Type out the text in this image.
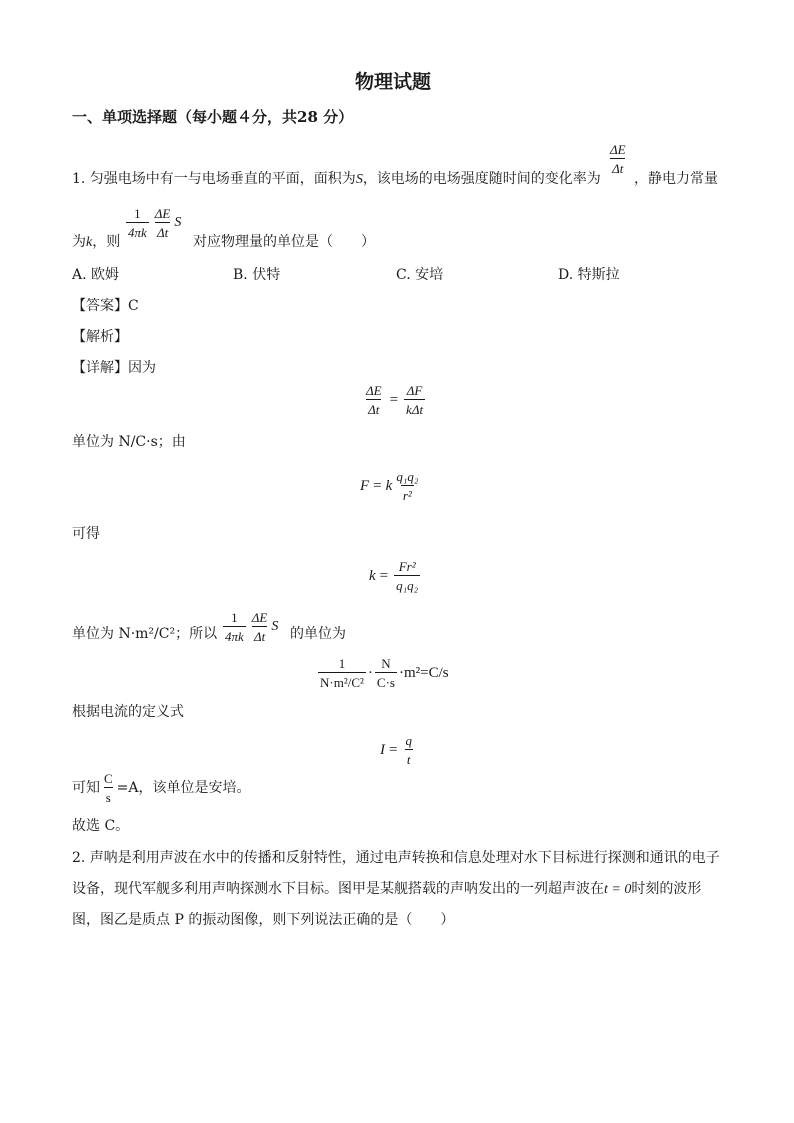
物理试题
一、单项选择题（每小题４分，共28 分）
1. 匀强电场中有一与电场垂直的平面，面积为S，该电场的电场强度随时间的变化率为
$\frac{\Delta E}{\Delta t}$
，静电力常量
为k，则
$\frac{1}{4\pi k} \frac{\Delta E}{\Delta t}$ S
对应物理量的单位是（　　）
A. 欧姆	B. 伏特	C. 安培	D. 特斯拉
【答案】C
【解析】
【详解】因为
$\frac{\Delta E}{\Delta t} = \frac{\Delta F}{\text{kΔt}}$
单位为 N/C·s；由
F = k $\frac{\text{q₁q₂}}{\text{r²}}$
可得
$k = \frac{\text{Fr²}}{\text{q₁q₂}}$
单位为 N·m²/C²；所以 $\frac{1}{4\pi k} \frac{\Delta E}{\Delta t}$ S 的单位为
$\frac{1}{\text{N·m²/C²}} \cdot \frac{N}{C\cdot s} \cdot m^2=C/s$
根据电流的定义式
$I = \frac{q}{t}$
可知 $\frac{C}{s} =A$，该单位是安培。
故选 C。
2. 声呐是利用声波在水中的传播和反射特性，通过电声转换和信息处理对水下目标进行探测和通讯的电子
设备，现代军舰多利用声呐探测水下目标。图甲是某舰搭载的声呐发出的一列超声波在t = 0时刻的波形
图，图乙是质点 P 的振动图像，则下列说法正确的是（　　）
